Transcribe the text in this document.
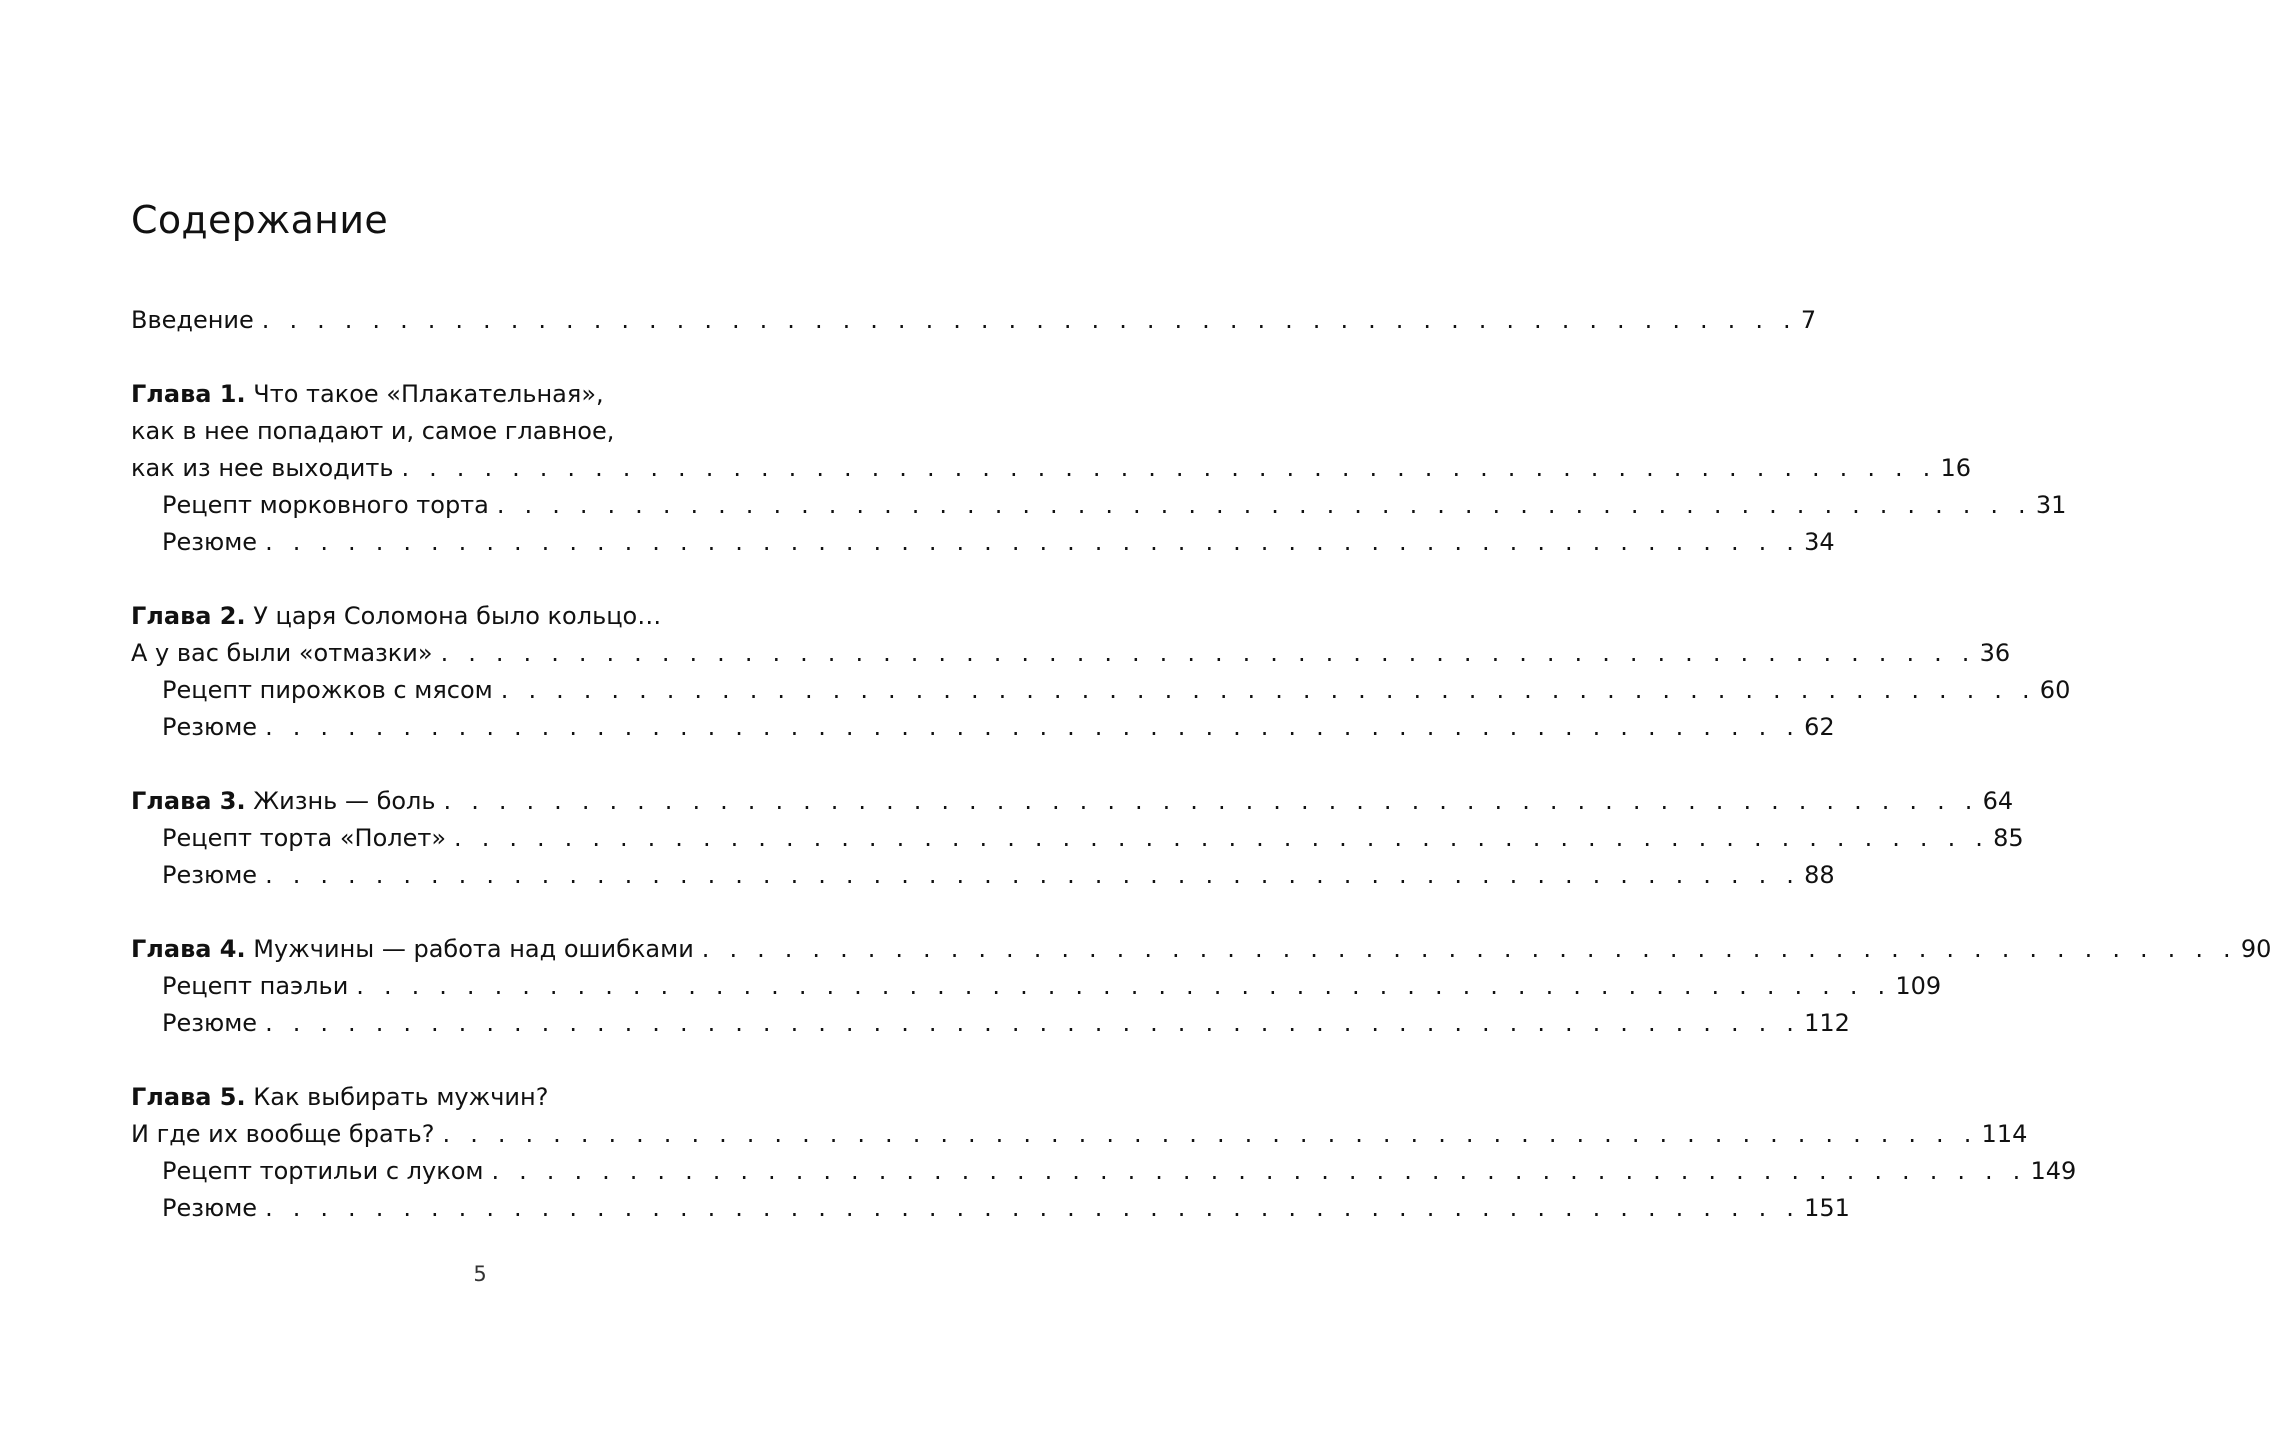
Содержание
Введение . . . . . . . . . . . . . . . . . . . . . . . . . . . . . . . . . . . . . . . . . . . . . . . . . . . . . . . . 7
Глава 1. Что такое «Плакательная»,
как в нее попадают и, самое главное,
как из нее выходить . . . . . . . . . . . . . . . . . . . . . . . . . . . . . . . . . . . . . . . . . . . . . . . . . . . . . . . . 16
Рецепт морковного торта . . . . . . . . . . . . . . . . . . . . . . . . . . . . . . . . . . . . . . . . . . . . . . . . . . . . . . . . 31
Резюме . . . . . . . . . . . . . . . . . . . . . . . . . . . . . . . . . . . . . . . . . . . . . . . . . . . . . . . . 34
Глава 2. У царя Соломона было кольцо…
А у вас были «отмазки» . . . . . . . . . . . . . . . . . . . . . . . . . . . . . . . . . . . . . . . . . . . . . . . . . . . . . . . . 36
Рецепт пирожков с мясом . . . . . . . . . . . . . . . . . . . . . . . . . . . . . . . . . . . . . . . . . . . . . . . . . . . . . . . . 60
Резюме . . . . . . . . . . . . . . . . . . . . . . . . . . . . . . . . . . . . . . . . . . . . . . . . . . . . . . . . 62
Глава 3. Жизнь — боль . . . . . . . . . . . . . . . . . . . . . . . . . . . . . . . . . . . . . . . . . . . . . . . . . . . . . . . . 64
Рецепт торта «Полет» . . . . . . . . . . . . . . . . . . . . . . . . . . . . . . . . . . . . . . . . . . . . . . . . . . . . . . . . 85
Резюме . . . . . . . . . . . . . . . . . . . . . . . . . . . . . . . . . . . . . . . . . . . . . . . . . . . . . . . . 88
Глава 4. Мужчины — работа над ошибками . . . . . . . . . . . . . . . . . . . . . . . . . . . . . . . . . . . . . . . . . . . . . . . . . . . . . . . . 90
Рецепт паэльи . . . . . . . . . . . . . . . . . . . . . . . . . . . . . . . . . . . . . . . . . . . . . . . . . . . . . . . . 109
Резюме . . . . . . . . . . . . . . . . . . . . . . . . . . . . . . . . . . . . . . . . . . . . . . . . . . . . . . . . 112
Глава 5. Как выбирать мужчин?
И где их вообще брать? . . . . . . . . . . . . . . . . . . . . . . . . . . . . . . . . . . . . . . . . . . . . . . . . . . . . . . . . 114
Рецепт тортильи с луком . . . . . . . . . . . . . . . . . . . . . . . . . . . . . . . . . . . . . . . . . . . . . . . . . . . . . . . . 149
Резюме . . . . . . . . . . . . . . . . . . . . . . . . . . . . . . . . . . . . . . . . . . . . . . . . . . . . . . . . 151
5
